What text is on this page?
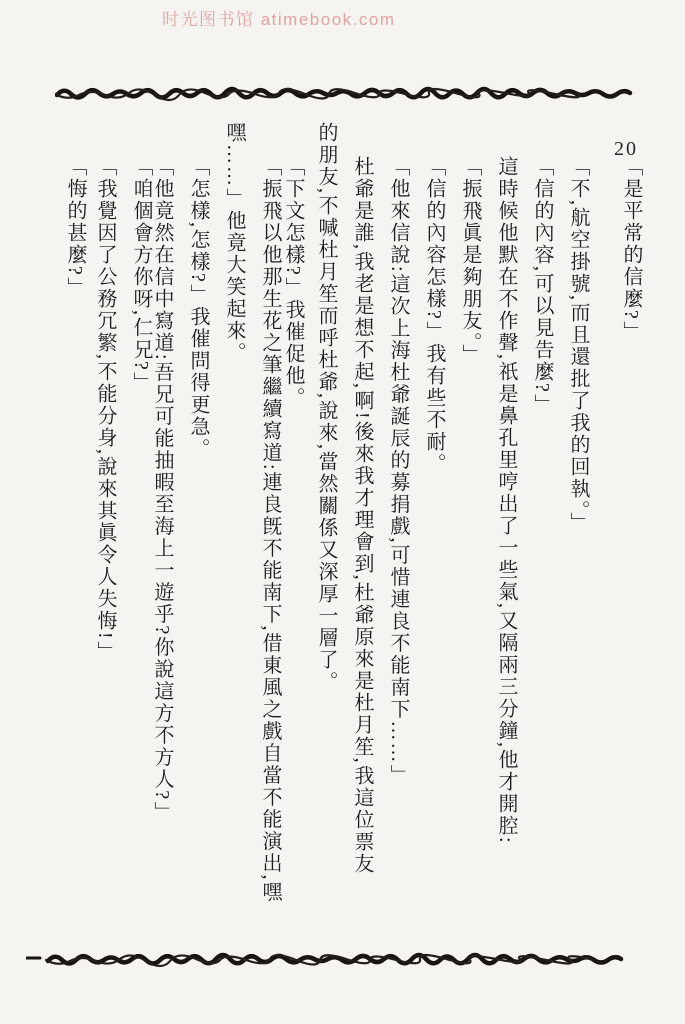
时光图书馆 atimebook.com
20

「是平常的信麼?」

「不,航空掛號,而且還批了我的回執。」

「信的內容,可以見告麼?」

這時候他默在不作聲,祇是鼻孔里哼出了一些氣,又隔兩三分鐘,他才開腔:

「振飛眞是夠朋友。」

「信的內容怎樣?」我有些不耐。

「他來信說:這次上海杜爺誕辰的募捐戲,可惜連良不能南下……」

杜爺是誰,我老是想不起,啊!後來我才理會到,杜爺原來是杜月笙,我這位票友

的朋友,不喊杜月笙而呼杜爺,說來,當然關係又深厚一層了。

「下文怎樣?」我催促他。

「振飛以他那生花之筆繼續寫道:連良旣不能南下,借東風之戲自當不能演出,嘿

嘿……」他竟大笑起來。

「怎樣,怎樣?」我催問得更急。

「他竟然在信中寫道:吾兄可能抽暇至海上一遊乎?你說這方不方人?」

「咱個會方你呀,仁兄?」

「我覺因了公務冗繁,不能分身,說來其眞令人失悔!」

「悔的甚麼?」
